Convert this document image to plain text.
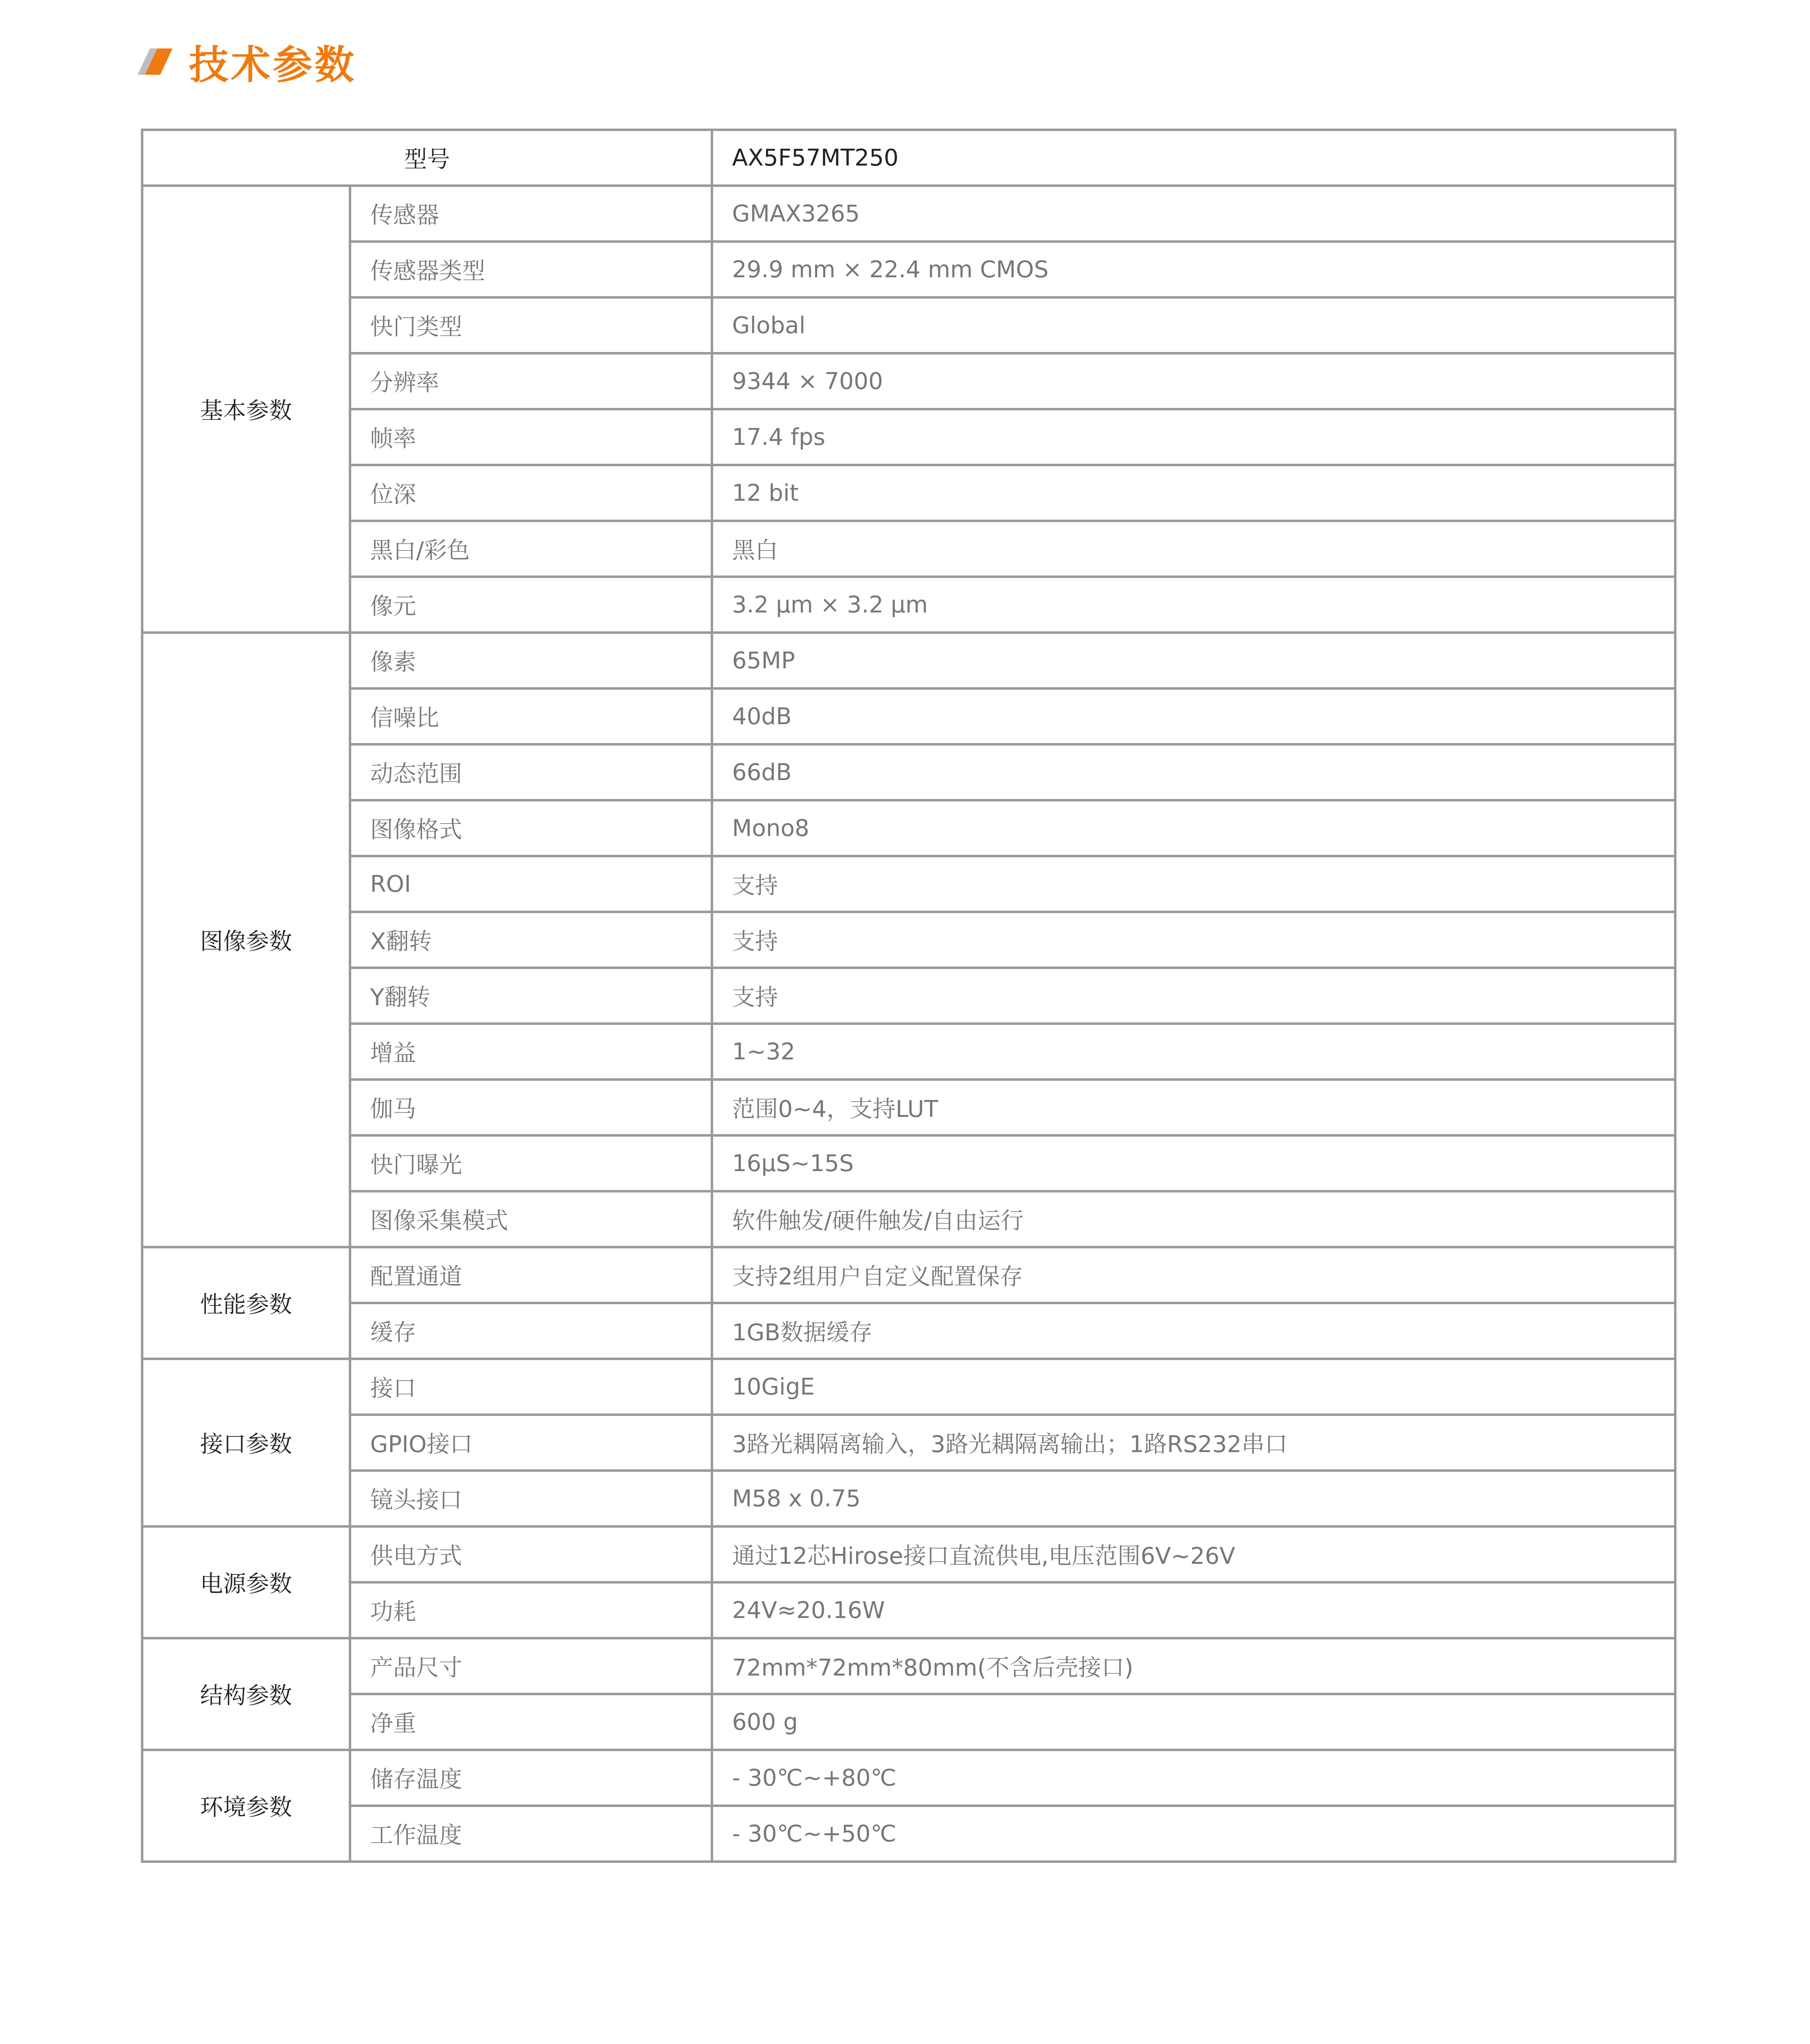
技术参数
型号		AX5F57MT250
基本参数	传感器	GMAX3265
	传感器类型	29.9 mm × 22.4 mm CMOS
	快门类型	Global
	分辨率	9344 × 7000
	帧率	17.4 fps
	位深	12 bit
	黑白/彩色	黑白
	像元	3.2 μm × 3.2 μm
图像参数	像素	65MP
	信噪比	40dB
	动态范围	66dB
	图像格式	Mono8
	ROI	支持
	X翻转	支持
	Y翻转	支持
	增益	1~32
	伽马	范围0~4，支持LUT
	快门曝光	16μS~15S
	图像采集模式	软件触发/硬件触发/自由运行
性能参数	配置通道	支持2组用户自定义配置保存
	缓存	1GB数据缓存
接口参数	接口	10GigE
	GPIO接口	3路光耦隔离输入，3路光耦隔离输出；1路RS232串口
	镜头接口	M58 x 0.75
电源参数	供电方式	通过12芯Hirose接口直流供电,电压范围6V~26V
	功耗	24V≈20.16W
结构参数	产品尺寸	72mm*72mm*80mm(不含后壳接口)
	净重	600 g
环境参数	储存温度	- 30℃~+80℃
	工作温度	- 30℃~+50℃
